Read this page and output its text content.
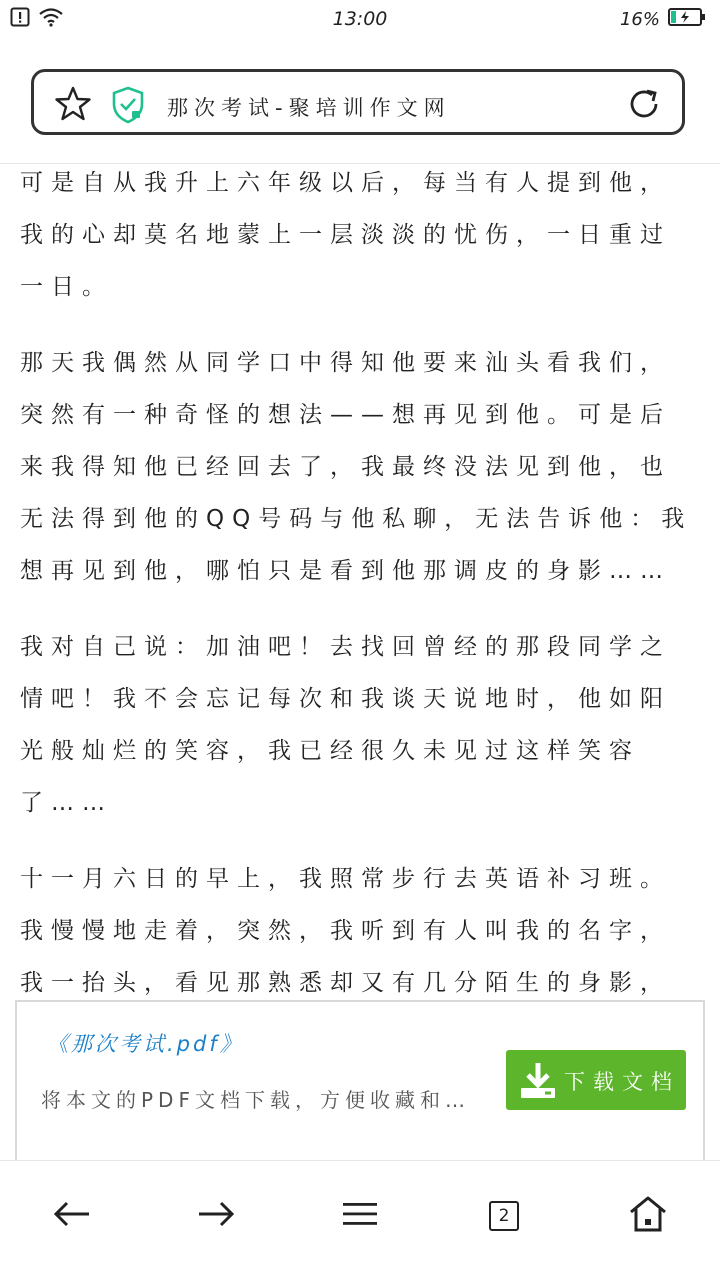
13:00	16%
那次考试-聚培训作文网
可是自从我升上六年级以后，每当有人提到他，
我的心却莫名地蒙上一层淡淡的忧伤，一日重过
一日。
那天我偶然从同学口中得知他要来汕头看我们，
突然有一种奇怪的想法——想再见到他。可是后
来我得知他已经回去了，我最终没法见到他，也
无法得到他的QQ号码与他私聊，无法告诉他：我
想再见到他，哪怕只是看到他那调皮的身影……
我对自己说：加油吧！去找回曾经的那段同学之
情吧！我不会忘记每次和我谈天说地时，他如阳
光般灿烂的笑容，我已经很久未见过这样笑容
了……
十一月六日的早上，我照常步行去英语补习班。
我慢慢地走着，突然，我听到有人叫我的名字，
我一抬头，看见那熟悉却又有几分陌生的身影，
《那次考试.pdf》
将本文的PDF文档下载，方便收藏和…
下载文档
2
